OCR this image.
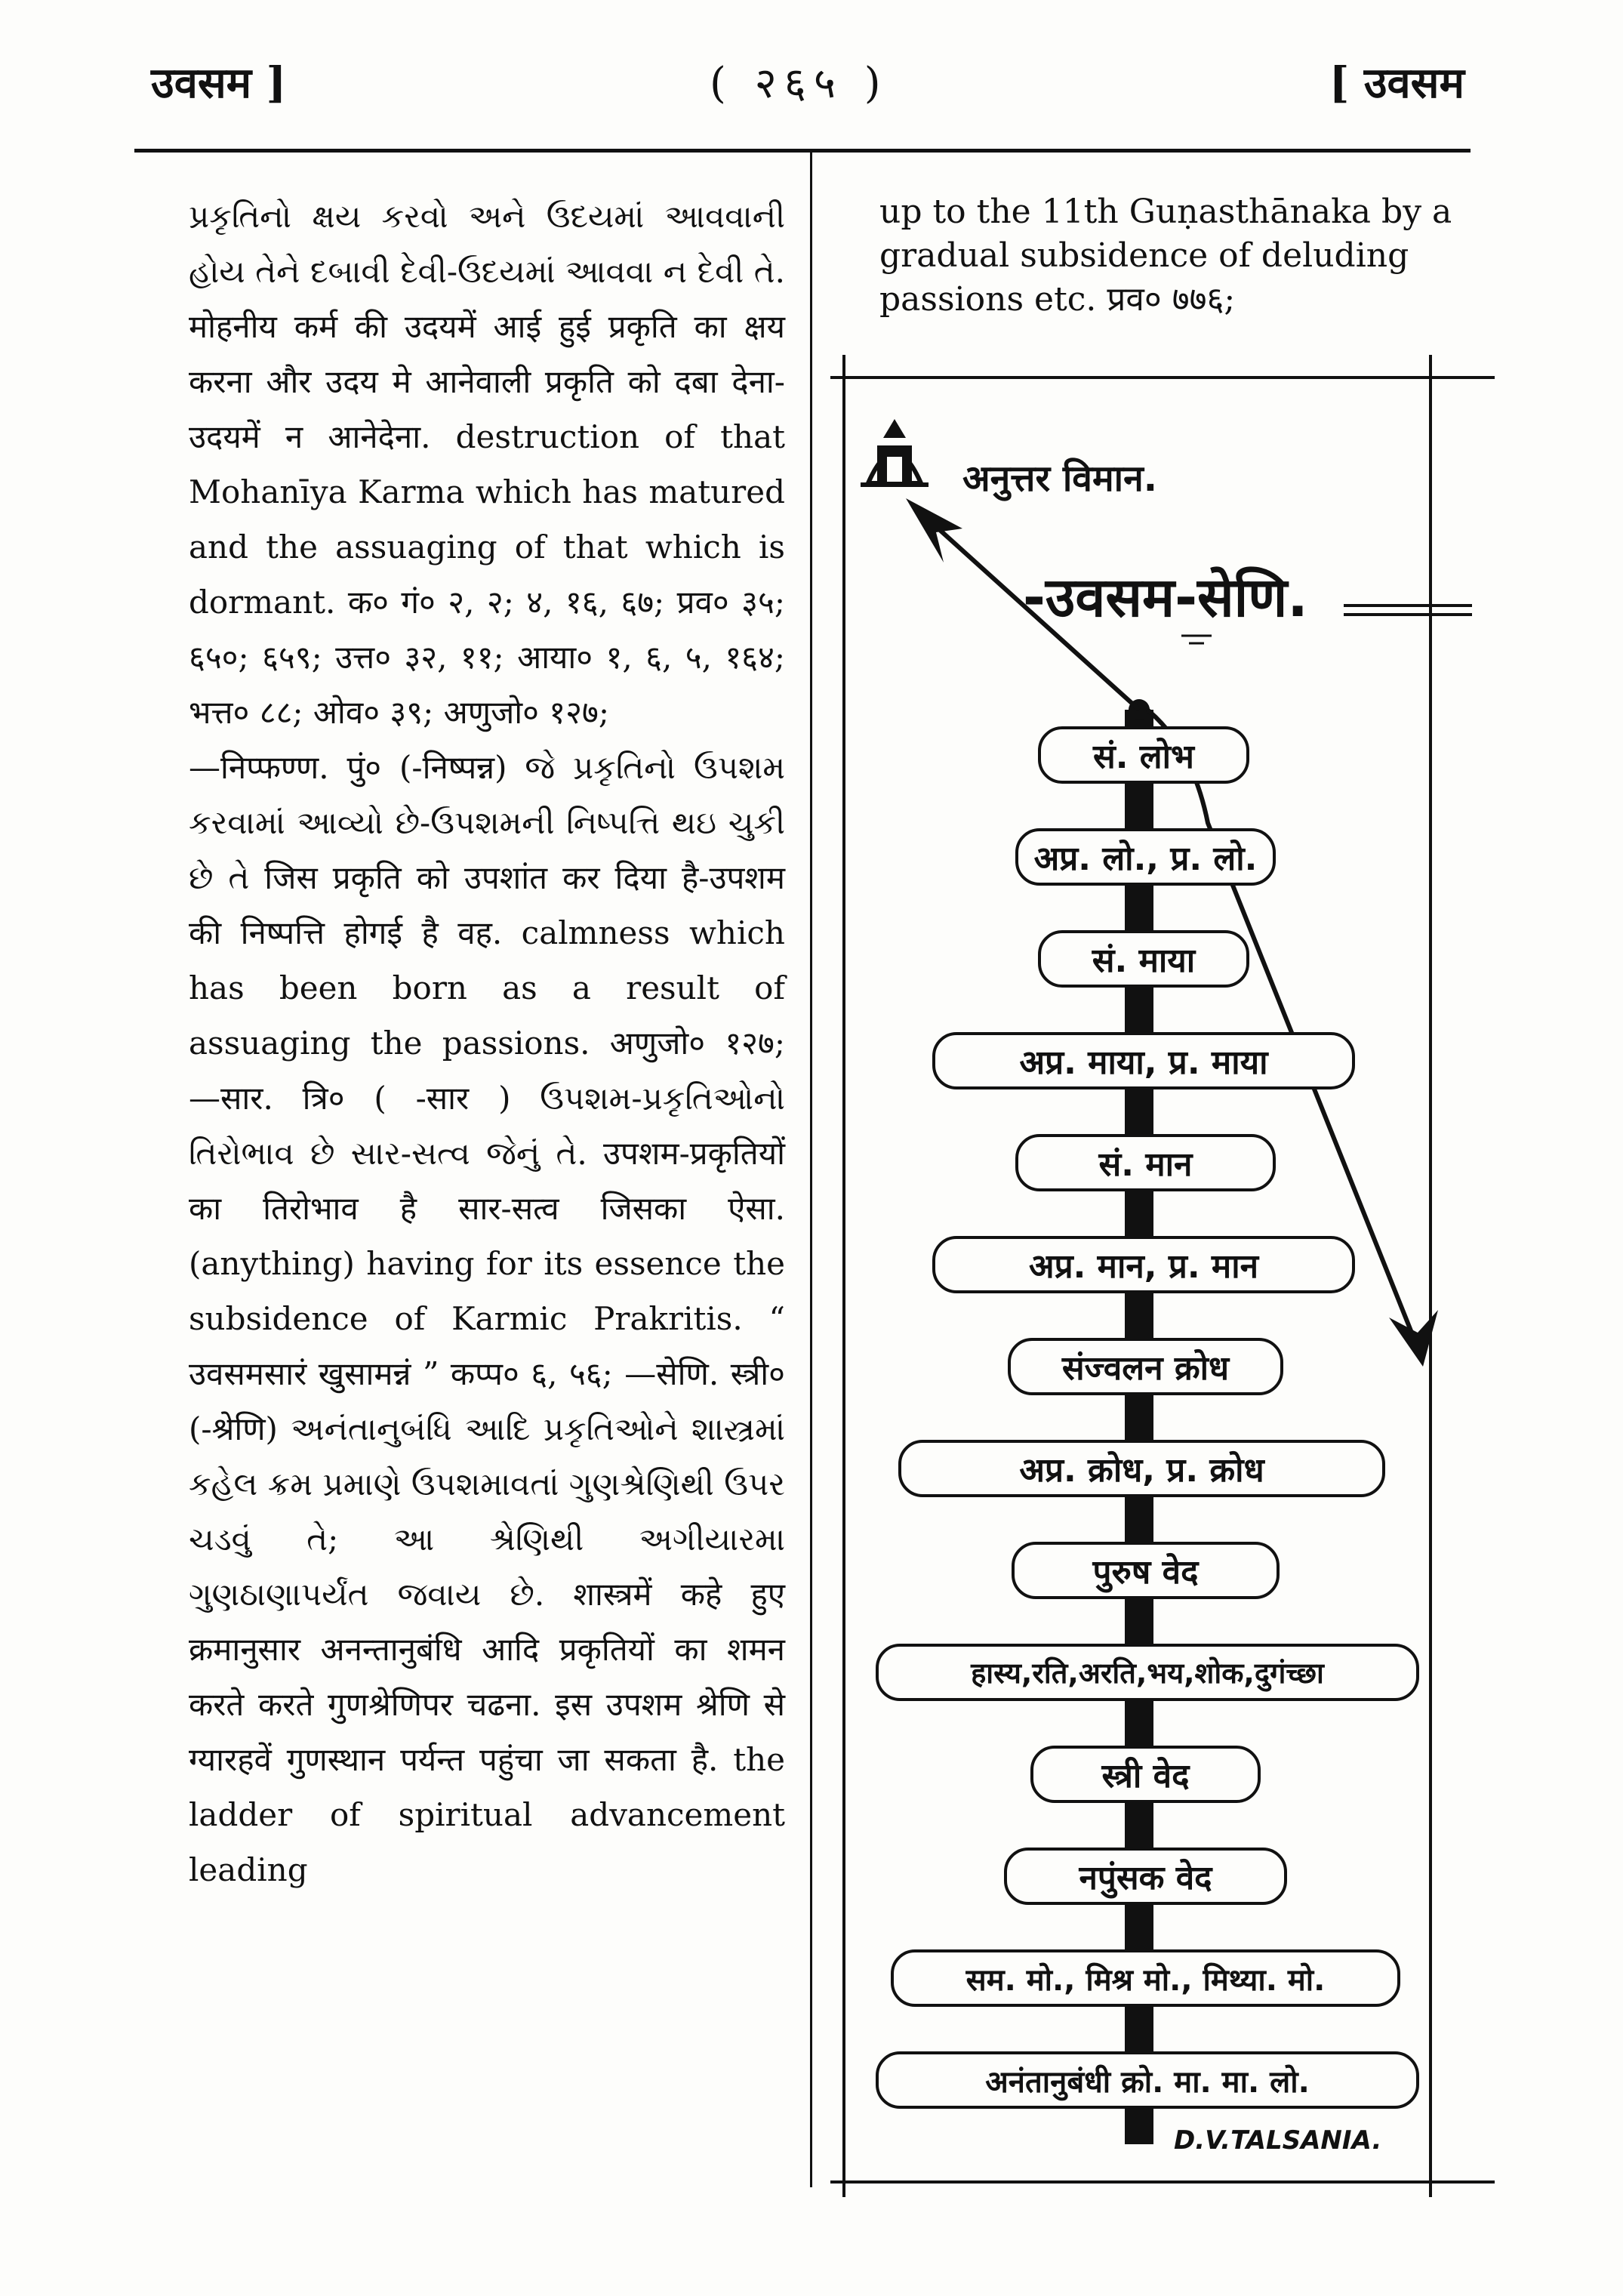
उवसम ]	( २६५ )	[ उवसम

પ્રકૃતિનો ક્ષય કરવો અને ઉદયમાં આવવાની હોય તેને દબાવી દેવી-ઉદયમાં આવવા ન દેવી તે. मोहनीय कर्म की उदयमें आई हुई प्रकृति का क्षय करना और उदय मे आनेवाली प्रकृति को दबा देना-उदयमें न आनेदेना. destruction of that Mohanīya Karma which has matured and the assuaging of that which is dormant. क० गं० २, २; ४, १६, ६७; प्रव० ३५; ६५०; ६५९; उत्त० ३२, ११; आया० १, ६, ५, १६४; भत्त० ८८; ओव० ३९; अणुजो० १२७;

—निप्फण्ण. पुं० (-निष्पन्न) જે પ્રકૃતિનો ઉપશમ કરવામાં આવ્યો છે-ઉપશમની નિષ્પત્તિ થઇ ચુકી છે તે जिस प्रकृति को उपशांत कर दिया है-उपशम की निष्पत्ति होगई है वह. calmness which has been born as a result of assuaging the passions. अणुजो० १२७; —सार. त्रि० ( -सार ) ઉપશમ-પ્રકૃતિઓનો તિરોભાવ છે સાર-સત્વ જેનું તે. उपशम-प्रकृतियों का तिरोभाव है सार-सत्व जिसका ऐसा. (anything) having for its essence the subsidence of Karmic Prakritis. “ उवसमसारं खुसामन्नं ” कप्प० ६, ५६; —सेणि. स्त्री० (-श्रेणि) અનંતાનુબંધિ આદિ પ્રકૃતિઓને શાસ્ત્રમાં કહેલ ક્રમ પ્રમાણે ઉપશમાવતાં ગુણશ્રેણિથી ઉપર ચડવું તે; આ શ્રેણિથી અગીયારમા ગુણઠાણાપર્યંત જવાય છે. शास्त्रमें कहे हुए क्रमानुसार अनन्तानुबंधि आदि प्रकृतियों का शमन करते करते गुणश्रेणिपर चढना. इस उपशम श्रेणि से ग्यारहवें गुणस्थान पर्यन्त पहुंचा जा सकता है. the ladder of spiritual advancement leading

up to the 11th Guṇasthānaka by a gradual subsidence of deluding passions etc. प्रव० ७७६;
अनुत्तर विमान.
-उवसम-सेणि.
सं. लोभ
अप्र. लो., प्र. लो.
सं. माया
अप्र. माया, प्र. माया
सं. मान
अप्र. मान, प्र. मान
संज्वलन क्रोध
अप्र. क्रोध, प्र. क्रोध
पुरुष वेद
हास्य,रति,अरति,भय,शोक,दुगंच्छा
स्त्री वेद
नपुंसक वेद
सम. मो., मिश्र मो., मिथ्या. मो.
अनंतानुबंधी क्रो. मा. मा. लो.
D.V.TALSANIA.
